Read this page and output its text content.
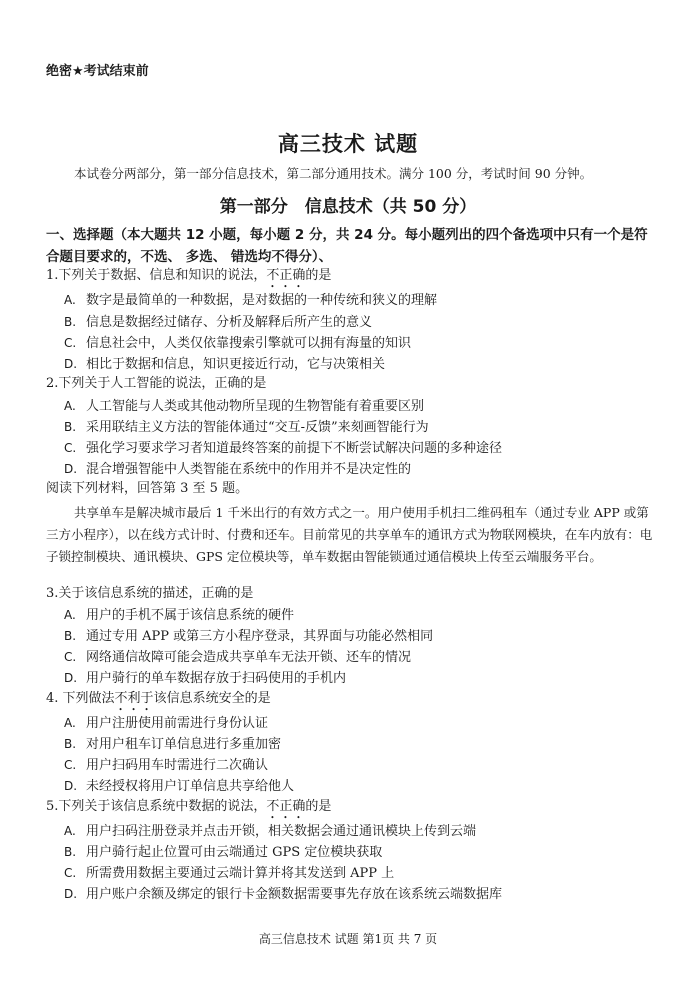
绝密★考试结束前
高三技术 试题
本试卷分两部分，第一部分信息技术，第二部分通用技术。满分 100 分，考试时间 90 分钟。
第一部分　信息技术（共 50 分）
一、选择题（本大题共 12 小题，每小题 2 分，共 24 分。每小题列出的四个备选项中只有一个是符合题目要求的，不选、 多选、 错选均不得分）、
1.下列关于数据、信息和知识的说法，不正确的是
A. 数字是最简单的一种数据，是对数据的一种传统和狭义的理解
B. 信息是数据经过储存、分析及解释后所产生的意义
C. 信息社会中，人类仅依靠搜索引擎就可以拥有海量的知识
D. 相比于数据和信息，知识更接近行动，它与决策相关
2.下列关于人工智能的说法，正确的是
A. 人工智能与人类或其他动物所呈现的生物智能有着重要区别
B. 采用联结主义方法的智能体通过“交互-反馈”来刻画智能行为
C. 强化学习要求学习者知道最终答案的前提下不断尝试解决问题的多种途径
D. 混合增强智能中人类智能在系统中的作用并不是决定性的
阅读下列材料，回答第 3 至 5 题。
共享单车是解决城市最后 1 千米出行的有效方式之一。用户使用手机扫二维码租车（通过专业 APP 或第三方小程序），以在线方式计时、付费和还车。目前常见的共享单车的通讯方式为物联网模块，在车内放有：电子锁控制模块、通讯模块、GPS 定位模块等，单车数据由智能锁通过通信模块上传至云端服务平台。
3.关于该信息系统的描述，正确的是
A. 用户的手机不属于该信息系统的硬件
B. 通过专用 APP 或第三方小程序登录，其界面与功能必然相同
C. 网络通信故障可能会造成共享单车无法开锁、还车的情况
D. 用户骑行的单车数据存放于扫码使用的手机内
4. 下列做法不利于该信息系统安全的是
A. 用户注册使用前需进行身份认证
B. 对用户租车订单信息进行多重加密
C. 用户扫码用车时需进行二次确认
D. 未经授权将用户订单信息共享给他人
5.下列关于该信息系统中数据的说法，不正确的是
A. 用户扫码注册登录并点击开锁，相关数据会通过通讯模块上传到云端
B. 用户骑行起止位置可由云端通过 GPS 定位模块获取
C. 所需费用数据主要通过云端计算并将其发送到 APP 上
D. 用户账户余额及绑定的银行卡金额数据需要事先存放在该系统云端数据库
高三信息技术 试题 第1页 共 7 页
